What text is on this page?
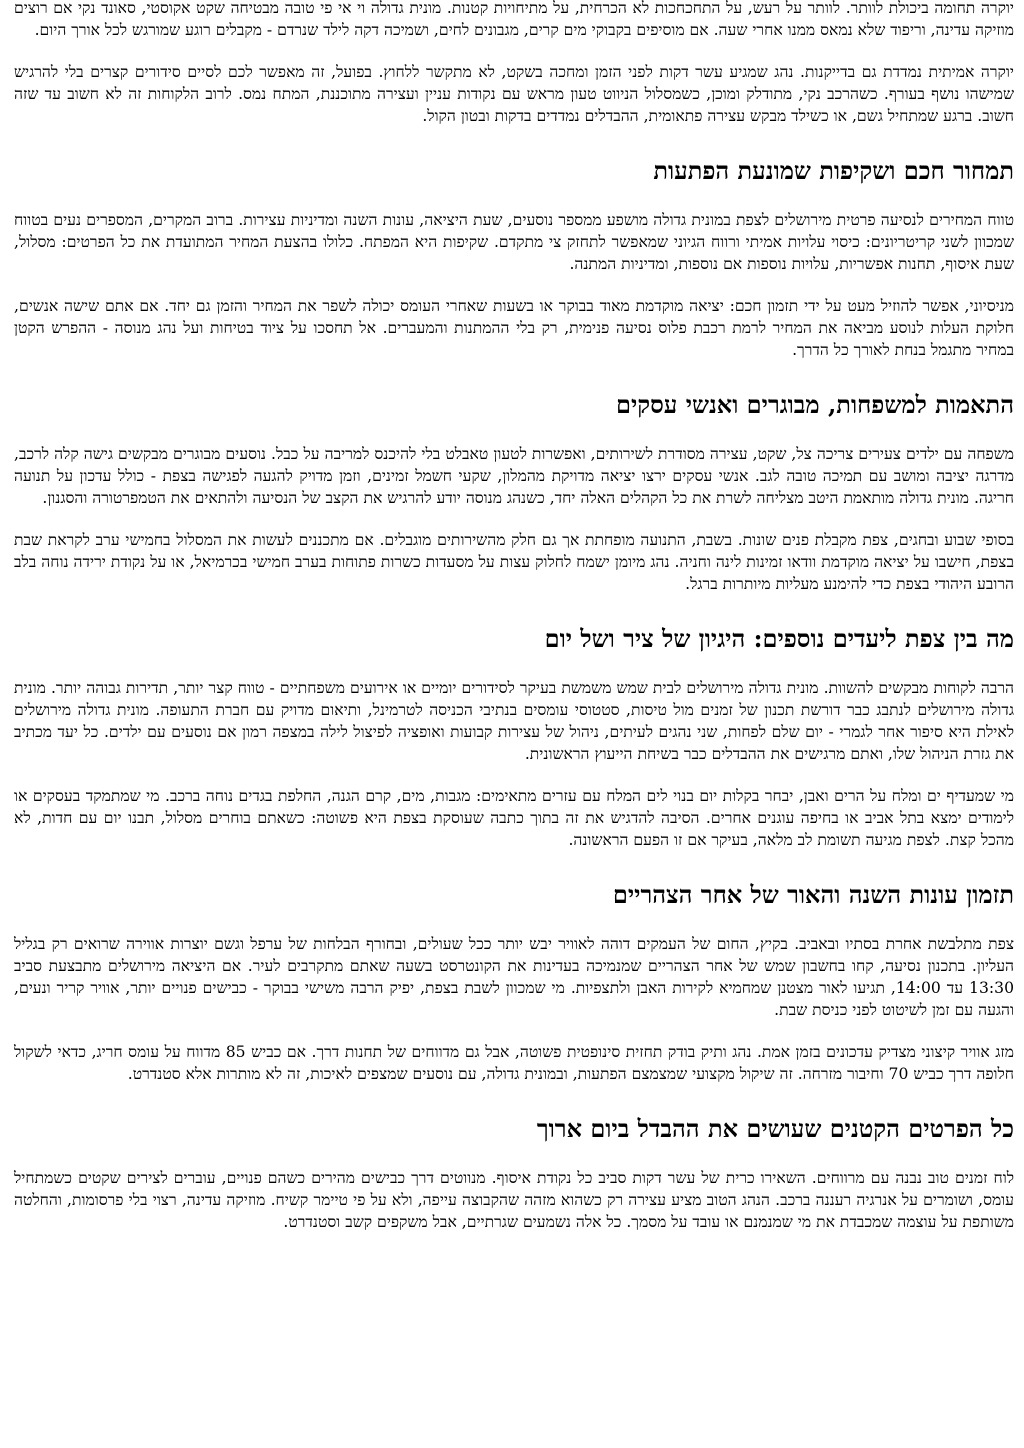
יוקרה תחומה ביכולת לוותר. לוותר על רעש, על התחכחכות לא הכרחית, על מתיחויות קטנות. מונית גדולה וי אי פי טובה מבטיחה שקט אקוסטי, סאונד נקי אם רוצים מוזיקה עדינה, וריפוד שלא נמאס ממנו אחרי שעה. אם מוסיפים בקבוקי מים קרים, מגבונים לחים, ושמיכה דקה לילד שנרדם - מקבלים רוגע שמורגש לכל אורך היום.

יוקרה אמיתית נמדדת גם בדייקנות. נהג שמגיע עשר דקות לפני הזמן ומחכה בשקט, לא מתקשר ללחוץ. בפועל, זה מאפשר לכם לסיים סידורים קצרים בלי להרגיש שמישהו נושף בעורף. כשהרכב נקי, מתודלק ומוכן, כשמסלול הניווט טעון מראש עם נקודות עניין ועצירה מתוכננת, המתח נמס. לרוב הלקוחות זה לא חשוב עד שזה חשוב. ברגע שמתחיל גשם, או כשילד מבקש עצירה פתאומית, ההבדלים נמדדים בדקות ובטון הקול.

תמחור חכם ושקיפות שמונעת הפתעות

טווח המחירים לנסיעה פרטית מירושלים לצפת במונית גדולה מושפע ממספר נוסעים, שעת היציאה, עונות השנה ומדיניות עצירות. ברוב המקרים, המספרים נעים בטווח שמכוון לשני קריטריונים: כיסוי עלויות אמיתי ורווח הגיוני שמאפשר לתחזק צי מתקדם. שקיפות היא המפתח. כלולו בהצעת המחיר המתועדת את כל הפרטים: מסלול, שעת איסוף, תחנות אפשריות, עלויות נוספות אם נוספות, ומדיניות המתנה.

מניסיוני, אפשר להוזיל מעט על ידי תזמון חכם: יציאה מוקדמת מאוד בבוקר או בשעות שאחרי העומס יכולה לשפר את המחיר והזמן גם יחד. אם אתם שישה אנשים, חלוקת העלות לנוסע מביאה את המחיר לרמת רכבת פלוס נסיעה פנימית, רק בלי ההמתנות והמעברים. אל תחסכו על ציוד בטיחות ועל נהג מנוסה - ההפרש הקטן במחיר מתגמל בנחת לאורך כל הדרך.

התאמות למשפחות, מבוגרים ואנשי עסקים

משפחה עם ילדים צעירים צריכה צל, שקט, עצירה מסודרת לשירותים, ואפשרות לטעון טאבלט בלי להיכנס למריבה על כבל. נוסעים מבוגרים מבקשים גישה קלה לרכב, מדרגה יציבה ומושב עם תמיכה טובה לגב. אנשי עסקים ירצו יציאה מדויקת מהמלון, שקעי חשמל זמינים, וזמן מדויק להגעה לפגישה בצפת - כולל עדכון על תנועה חריגה. מונית גדולה מותאמת היטב מצליחה לשרת את כל הקהלים האלה יחד, כשנהג מנוסה יודע להרגיש את הקצב של הנסיעה ולהתאים את הטמפרטורה והסגנון.

בסופי שבוע ובחגים, צפת מקבלת פנים שונות. בשבת, התנועה מופחתת אך גם חלק מהשירותים מוגבלים. אם מתכננים לעשות את המסלול בחמישי ערב לקראת שבת בצפת, חישבו על יציאה מוקדמת וודאו זמינות לינה וחניה. נהג מיומן ישמח לחלוק עצות על מסעדות כשרות פתוחות בערב חמישי בכרמיאל, או על נקודת ירידה נוחה בלב הרובע היהודי בצפת כדי להימנע מעליות מיותרות ברגל.

מה בין צפת ליעדים נוספים: היגיון של ציר ושל יום

הרבה לקוחות מבקשים להשוות. מונית גדולה מירושלים לבית שמש משמשת בעיקר לסידורים יומיים או אירועים משפחתיים - טווח קצר יותר, תדירות גבוהה יותר. מונית גדולה מירושלים לנתבג כבר דורשת תכנון של זמנים מול טיסות, סטטוסי עומסים בנתיבי הכניסה לטרמינל, ותיאום מדויק עם חברת התעופה. מונית גדולה מירושלים לאילת היא סיפור אחר לגמרי - יום שלם לפחות, שני נהגים לעיתים, ניהול של עצירות קבועות ואופציה לפיצול לילה במצפה רמון אם נוסעים עם ילדים. כל יעד מכתיב את גזרת הניהול שלו, ואתם מרגישים את ההבדלים כבר בשיחת הייעוץ הראשונית.

מי שמעדיף ים ומלח על הרים ואבן, יבחר בקלות יום בנוי לים המלח עם עזרים מתאימים: מגבות, מים, קרם הגנה, החלפת בגדים נוחה ברכב. מי שמתמקד בעסקים או לימודים ימצא בתל אביב או בחיפה עוגנים אחרים. הסיבה להדגיש את זה בתוך כתבה שעוסקת בצפת היא פשוטה: כשאתם בוחרים מסלול, תבנו יום עם חדות, לא מהכל קצת. לצפת מגיעה תשומת לב מלאה, בעיקר אם זו הפעם הראשונה.

תזמון עונות השנה והאור של אחר הצהריים

צפת מתלבשת אחרת בסתיו ובאביב. בקיץ, החום של העמקים דוהה לאוויר יבש יותר ככל שעולים, ובחורף הבלחות של ערפל וגשם יוצרות אווירה שרואים רק בגליל העליון. בתכנון נסיעה, קחו בחשבון שמש של אחר הצהריים שמנמיכה בעדינות את הקונטרסט בשעה שאתם מתקרבים לעיר. אם היציאה מירושלים מתבצעת סביב 13:30 עד 14:00, תגיעו לאור מצטנן שמחמיא לקירות האבן ולתצפיות. מי שמכוון לשבת בצפת, יפיק הרבה משישי בבוקר - כבישים פנויים יותר, אוויר קריר ונעים, והגעה עם זמן לשיטוט לפני כניסת שבת.

מזג אוויר קיצוני מצדיק עדכונים בזמן אמת. נהג ותיק בודק תחזית סינופטית פשוטה, אבל גם מדווחים של תחנות דרך. אם כביש 85 מדווח על עומס חריג, כדאי לשקול חלופה דרך כביש 70 וחיבור מזרחה. זה שיקול מקצועי שמצמצם הפתעות, ובמונית גדולה, עם נוסעים שמצפים לאיכות, זה לא מותרות אלא סטנדרט.

כל הפרטים הקטנים שעושים את ההבדל ביום ארוך

לוח זמנים טוב נבנה עם מרווחים. השאירו כרית של עשר דקות סביב כל נקודת איסוף. מנווטים דרך כבישים מהירים כשהם פנויים, עוברים לצירים שקטים כשמתחיל עומס, ושומרים על אנרגיה רעננה ברכב. הנהג הטוב מציע עצירה רק כשהוא מזהה שהקבוצה עייפה, ולא על פי טיימר קשיח. מוזיקה עדינה, רצוי בלי פרסומות, והחלטה משותפת על עוצמה שמכבדת את מי שמנמנם או עובד על מסמך. כל אלה נשמעים שגרתיים, אבל משקפים קשב וסטנדרט.
